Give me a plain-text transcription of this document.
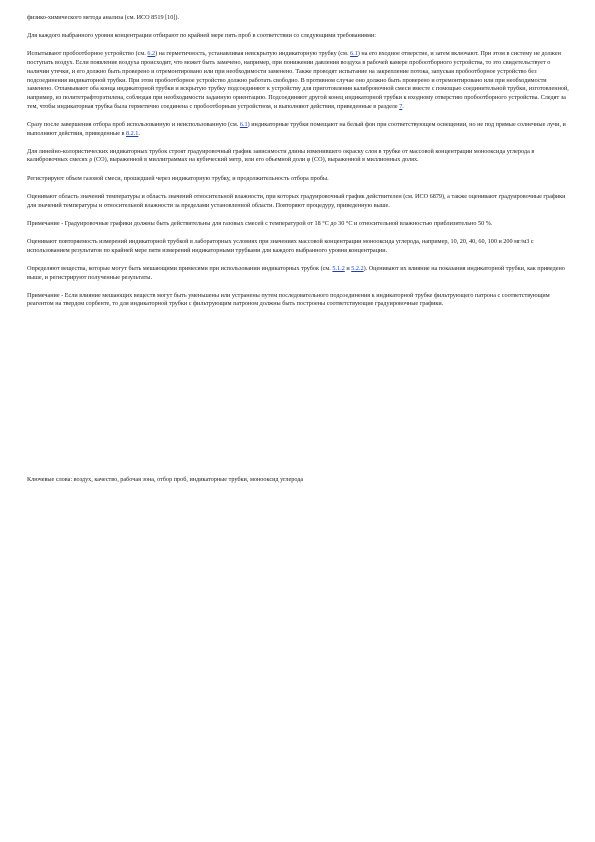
физико-химического метода анализа (см. ИСО 8519 [10]).

Для каждого выбранного уровня концентрации отбирают по крайней мере пять проб в соответствии со следующими требованиями:

Испытывают пробоотборное устройство (см. 6.2) на герметичность, устанавливая невскрытую индикаторную трубку (см. 6.1) на его входное отверстие, и затем включают. При этом в систему не должен поступать воздух. Если появление воздуха происходит, что может быть замечено, например, при понижении давления воздуха в рабочей камере пробоотборного устройства, то это свидетельствует о наличии утечки, и его должно быть проверено и отремонтировано или при необходимости заменено. Также проводят испытание на закрепление потока, запуская пробоотборное устройство без подсоединения индикаторной трубки. При этом пробоотборное устройство должно работать свободно. В противном случае оно должно быть проверено и отремонтировано или при необходимости заменено. Отламывают оба конца индикаторной трубки и вскрытую трубку подсоединяют к устройству для приготовления калибровочной смеси вместе с помощью соединительной трубки, изготовленной, например, из политетрафторэтилена, соблюдая при необходимости заданную ориентацию. Подсоединяют другой конец индикаторной трубки к входному отверстию пробоотборного устройства. Следят за тем, чтобы индикаторная трубка была герметично соединена с пробоотборным устройством, и выполняют действия, приведенные в разделе 7.

Сразу после завершения отбора проб использованную и неиспользованную (см. 6.1) индикаторные трубки помещают на белый фон при соответствующем освещении, но не под прямые солнечные лучи, и выполняют действия, приведенные в 8.2.1.

Для линейно-колористических индикаторных трубок строят градуировочный график зависимости длины изменившего окраску слоя в трубке от массовой концентрации монооксида углерода в калибровочных смесях ρ (CO), выраженной в миллиграммах на кубический метр, или его объемной доли φ (CO), выраженной в миллионных долях.

Регистрируют объем газовой смеси, прошедшей через индикаторную трубку, и продолжительность отбора пробы.

Оценивают область значений температуры и область значений относительной влажности, при которых градуировочный график действителен (см. ИСО 6879), а также оценивают градуировочные графики для значений температуры и относительной влажности за пределами установленной области. Повторяют процедуру, приведенную выше.

Примечание - Градуировочные графики должны быть действительны для газовых смесей с температурой от 18 °С до 30 °С и относительной влажностью приблизительно 50 %.

Оценивают повторяемость измерений индикаторной трубкой в лабораторных условиях при значениях массовой концентрации монооксида углерода, например, 10, 20, 40, 60, 100 и 200 мг/м3 с использованием результатов по крайней мере пяти измерений индикаторными трубками для каждого выбранного уровня концентрации.

Определяют вещества, которые могут быть мешающими примесями при использовании индикаторных трубок (см. 5.1.2 и 5.2.2). Оценивают их влияние на показания индикаторной трубки, как приведено выше, и регистрируют полученные результаты.

Примечание - Если влияние мешающих веществ могут быть уменьшены или устранены путем последовательного подсоединения к индикаторной трубке фильтрующего патрона с соответствующим реагентом на твердом сорбенте, то для индикаторной трубки с фильтрующим патроном должны быть построены соответствующие градуировочные графики.

Ключевые слова: воздух, качество, рабочая зона, отбор проб, индикаторные трубки, монооксид углерода
